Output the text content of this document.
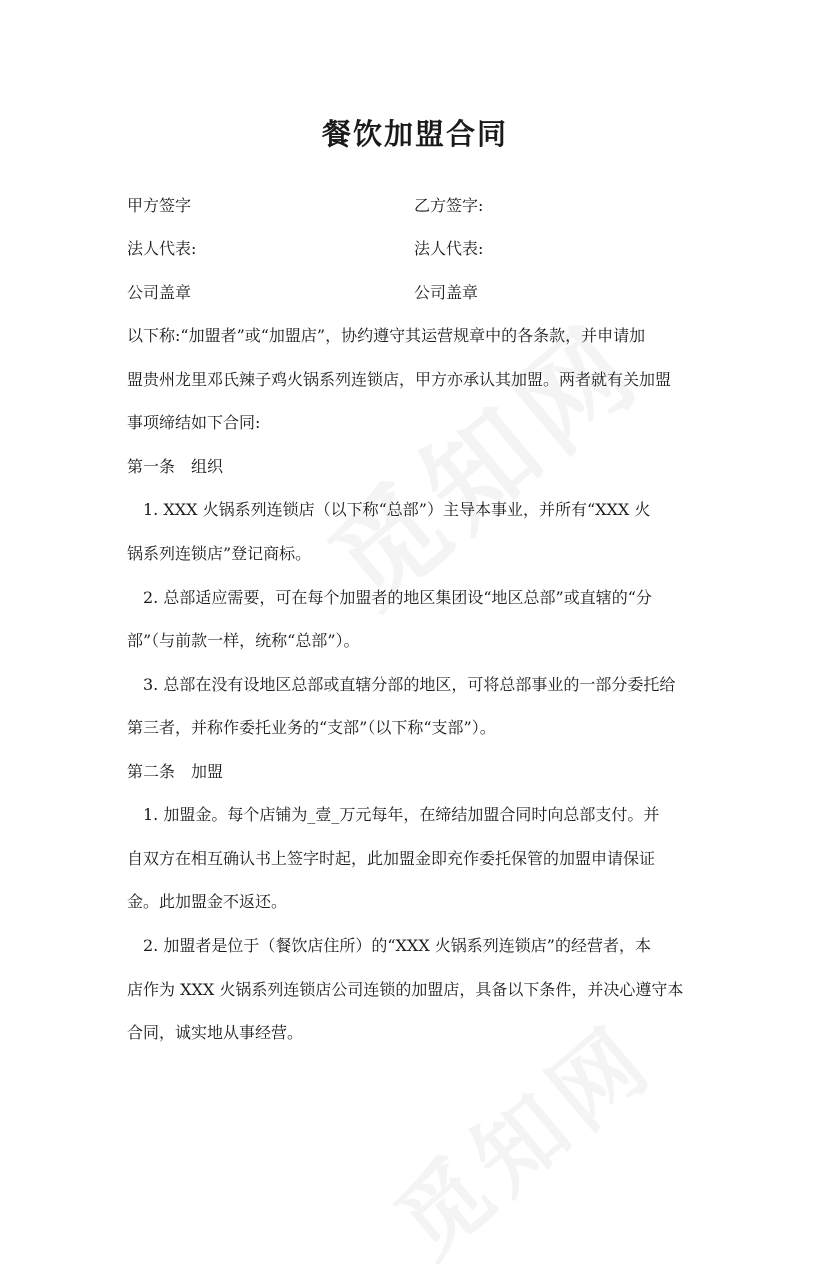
餐饮加盟合同
甲方签字	乙方签字:
法人代表:	法人代表:
公司盖章	公司盖章
以下称:“加盟者”或“加盟店”，协约遵守其运营规章中的各条款，并申请加
盟贵州龙里邓氏辣子鸡火锅系列连锁店，甲方亦承认其加盟。两者就有关加盟
事项缔结如下合同:
第一条　组织
1. XXX 火锅系列连锁店（以下称“总部”）主导本事业，并所有“XXX 火
锅系列连锁店”登记商标。
2. 总部适应需要，可在每个加盟者的地区集团设“地区总部”或直辖的“分
部”（与前款一样，统称“总部”）。
3. 总部在没有设地区总部或直辖分部的地区，可将总部事业的一部分委托给
第三者，并称作委托业务的“支部”（以下称“支部”）。
第二条　加盟
1. 加盟金。每个店铺为_壹_万元每年，在缔结加盟合同时向总部支付。并
自双方在相互确认书上签字时起，此加盟金即充作委托保管的加盟申请保证
金。此加盟金不返还。
2. 加盟者是位于（餐饮店住所）的“XXX 火锅系列连锁店”的经营者，本
店作为 XXX 火锅系列连锁店公司连锁的加盟店，具备以下条件，并决心遵守本
合同，诚实地从事经营。
